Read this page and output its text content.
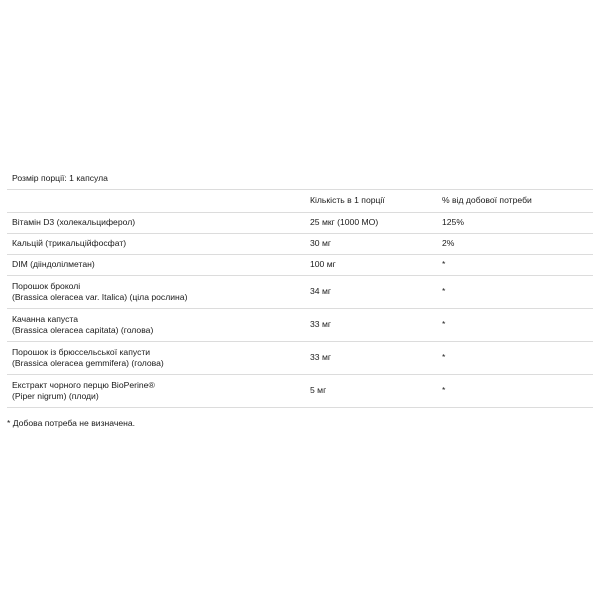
Розмір порції: 1 капсула
	Кількість в 1 порції	% від добової потреби
Вітамін D3 (холекальциферол)	25 мкг (1000 МО)	125%
Кальцій (трикальційфосфат)	30 мг	2%
DIM (дііндолілметан)	100 мг	*
Порошок броколі
(Brassica oleracea var. Italica) (ціла рослина)	34 мг	*
Качанна капуста
(Brassica oleracea capitata) (голова)	33 мг	*
Порошок із брюссельської капусти
(Brassica oleracea gemmifera) (голова)	33 мг	*
Екстракт чорного перцю BioPerine®
(Piper nigrum) (плоди)	5 мг	*
* Добова потреба не визначена.
